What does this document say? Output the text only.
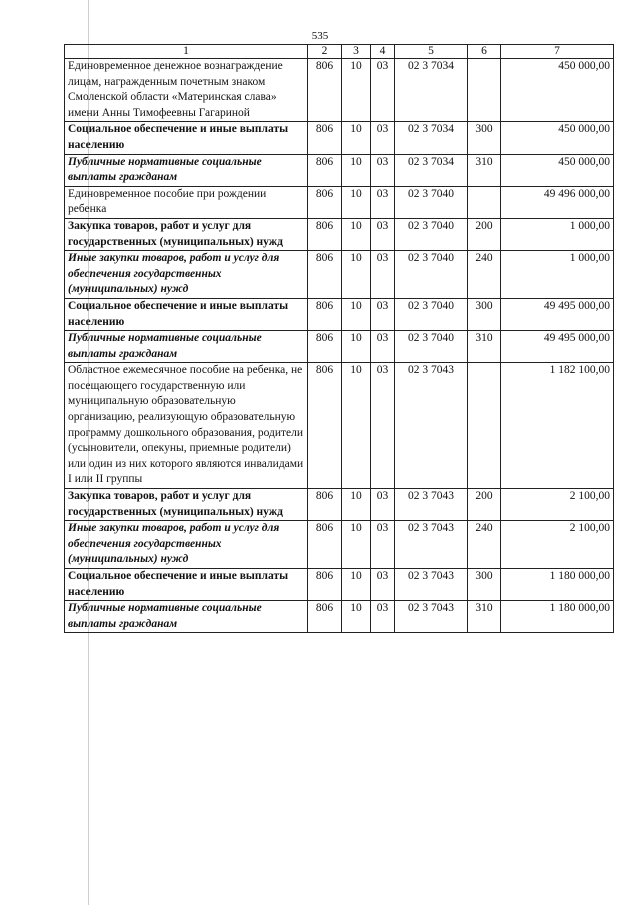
535
1	2	3	4	5	6	7
Единовременное денежное вознаграждение лицам, награжденным почетным знаком Смоленской области «Материнская слава» имени Анны Тимофеевны Гагариной	806	10	03	02 3 7034		450 000,00
Социальное обеспечение и иные выплаты населению	806	10	03	02 3 7034	300	450 000,00
Публичные нормативные социальные выплаты гражданам	806	10	03	02 3 7034	310	450 000,00
Единовременное пособие при рождении ребенка	806	10	03	02 3 7040		49 496 000,00
Закупка товаров, работ и услуг для государственных (муниципальных) нужд	806	10	03	02 3 7040	200	1 000,00
Иные закупки товаров, работ и услуг для обеспечения государственных (муниципальных) нужд	806	10	03	02 3 7040	240	1 000,00
Социальное обеспечение и иные выплаты населению	806	10	03	02 3 7040	300	49 495 000,00
Публичные нормативные социальные выплаты гражданам	806	10	03	02 3 7040	310	49 495 000,00
Областное ежемесячное пособие на ребенка, не посещающего государственную или муниципальную образовательную организацию, реализующую образовательную программу дошкольного образования, родители (усыновители, опекуны, приемные родители) или один из них которого являются инвалидами I или II группы	806	10	03	02 3 7043		1 182 100,00
Закупка товаров, работ и услуг для государственных (муниципальных) нужд	806	10	03	02 3 7043	200	2 100,00
Иные закупки товаров, работ и услуг для обеспечения государственных (муниципальных) нужд	806	10	03	02 3 7043	240	2 100,00
Социальное обеспечение и иные выплаты населению	806	10	03	02 3 7043	300	1 180 000,00
Публичные нормативные социальные выплаты гражданам	806	10	03	02 3 7043	310	1 180 000,00
